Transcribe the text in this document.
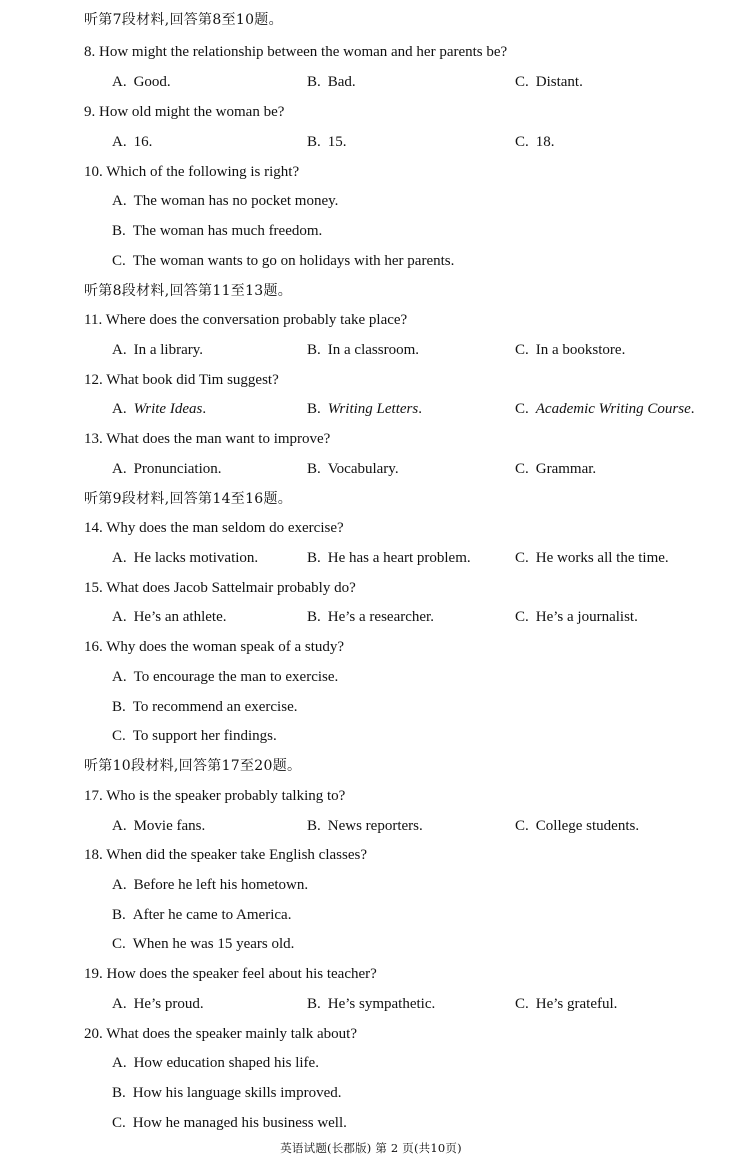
听第7段材料,回答第8至10题。
8. How might the relationship between the woman and her parents be?
A. Good.	B. Bad.	C. Distant.
9. How old might the woman be?
A. 16.	B. 15.	C. 18.
10. Which of the following is right?
A. The woman has no pocket money.
B. The woman has much freedom.
C. The woman wants to go on holidays with her parents.
听第8段材料,回答第11至13题。
11. Where does the conversation probably take place?
A. In a library.	B. In a classroom.	C. In a bookstore.
12. What book did Tim suggest?
A. Write Ideas.	B. Writing Letters.	C. Academic Writing Course.
13. What does the man want to improve?
A. Pronunciation.	B. Vocabulary.	C. Grammar.
听第9段材料,回答第14至16题。
14. Why does the man seldom do exercise?
A. He lacks motivation.	B. He has a heart problem.	C. He works all the time.
15. What does Jacob Sattelmair probably do?
A. He’s an athlete.	B. He’s a researcher.	C. He’s a journalist.
16. Why does the woman speak of a study?
A. To encourage the man to exercise.
B. To recommend an exercise.
C. To support her findings.
听第10段材料,回答第17至20题。
17. Who is the speaker probably talking to?
A. Movie fans.	B. News reporters.	C. College students.
18. When did the speaker take English classes?
A. Before he left his hometown.
B. After he came to America.
C. When he was 15 years old.
19. How does the speaker feel about his teacher?
A. He’s proud.	B. He’s sympathetic.	C. He’s grateful.
20. What does the speaker mainly talk about?
A. How education shaped his life.
B. How his language skills improved.
C. How he managed his business well.
英语试题(长郡版) 第 2 页(共10页)
